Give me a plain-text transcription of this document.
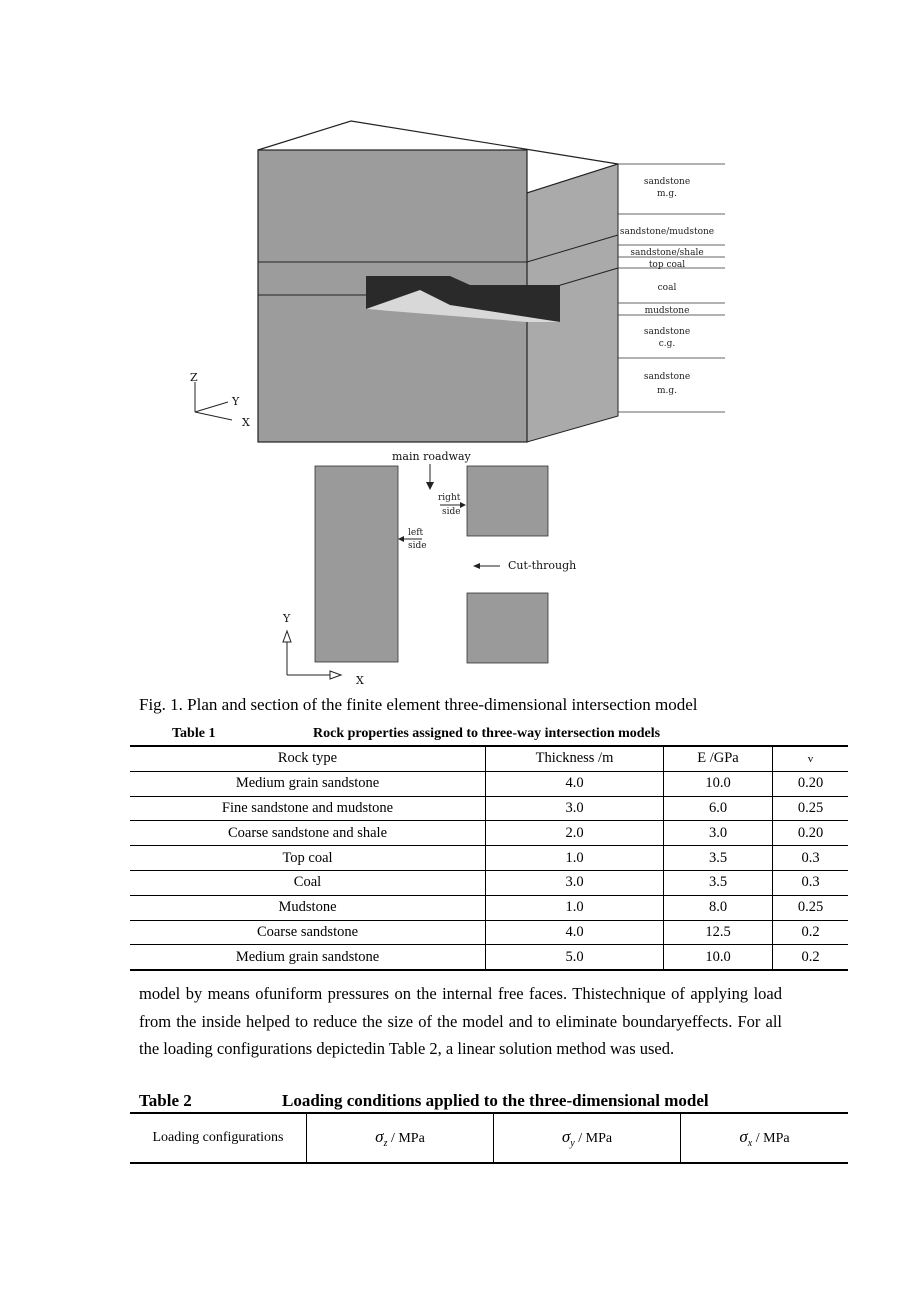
sandstone
m.g.
sandstone/mudstone
sandstone/shale
top coal
coal
mudstone
sandstone
c.g.
sandstone
m.g.
Z
Y
X
main roadway
right
side
left
side
Cut-through
Y
X
Fig. 1. Plan and section of the finite element three-dimensional intersection model
Table 1	Rock properties assigned to three-way intersection models
Rock type	Thickness /m	E /GPa	v
Medium grain sandstone	4.0	10.0	0.20
Fine sandstone and mudstone	3.0	6.0	0.25
Coarse sandstone and shale	2.0	3.0	0.20
Top coal	1.0	3.5	0.3
Coal	3.0	3.5	0.3
Mudstone	1.0	8.0	0.25
Coarse sandstone	4.0	12.5	0.2
Medium grain sandstone	5.0	10.0	0.2
model by means ofuniform pressures on the internal free faces. Thistechnique of applying load from the inside helped to reduce the size of the model and to eliminate boundaryeffects. For all the loading configurations depictedin Table 2, a linear solution method was used.
Table 2	Loading conditions applied to the three-dimensional model
Loading configurations	$\sigma_z$ / MPa	$\sigma_y$ / MPa	$\sigma_x$ / MPa
